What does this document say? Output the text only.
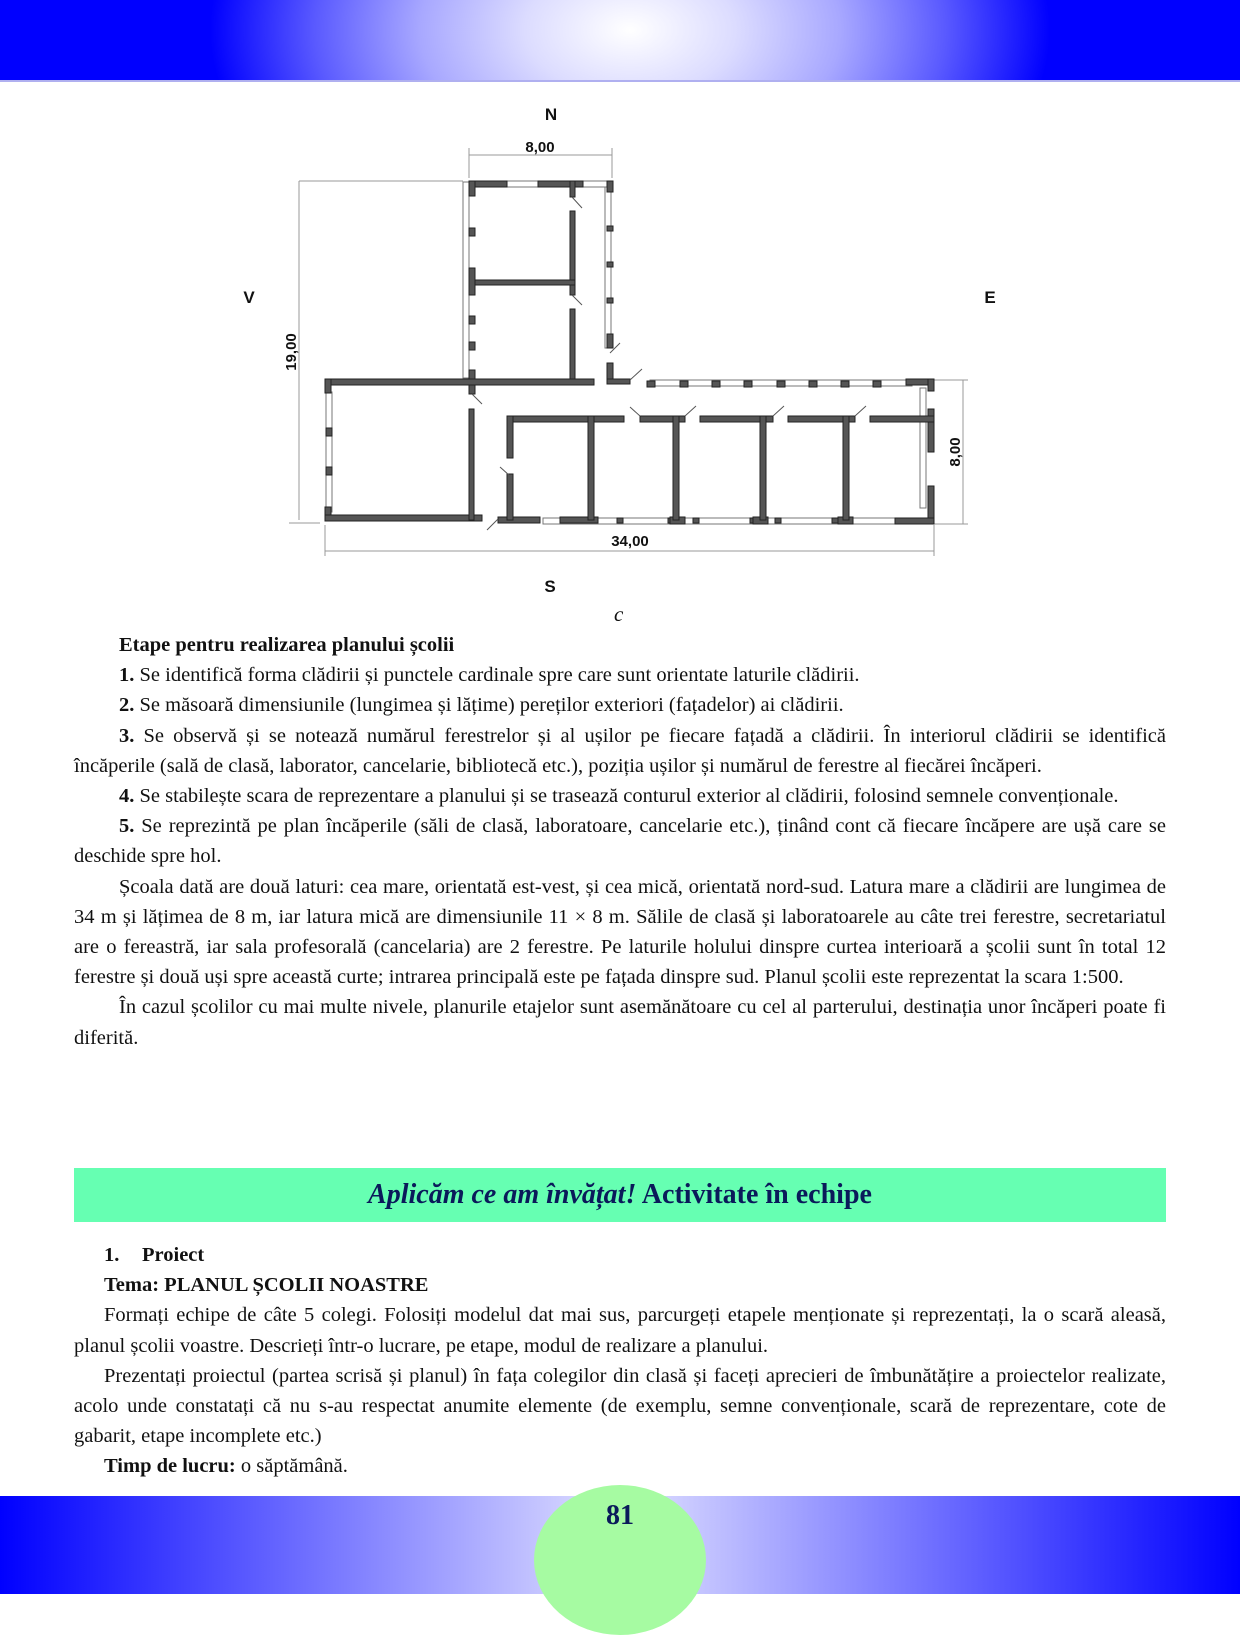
N
V	E
S
8,00
19,00
8,00
34,00
c

Etape pentru realizarea planului școlii

1. Se identifică forma clădirii și punctele cardinale spre care sunt orientate laturile clădirii.

2. Se măsoară dimensiunile (lungimea și lățime) pereților exteriori (fațadelor) ai clădirii.

3. Se observă și se notează numărul ferestrelor și al ușilor pe fiecare fațadă a clădirii. În interiorul clădirii se identifică încăperile (sală de clasă, laborator, cancelarie, bibliotecă etc.), poziția ușilor și numărul de ferestre al fiecărei încăperi.

4. Se stabilește scara de reprezentare a planului și se trasează conturul exterior al clădirii, folosind semnele convenționale.

5. Se reprezintă pe plan încăperile (săli de clasă, laboratoare, cancelarie etc.), ținând cont că fiecare încăpere are ușă care se deschide spre hol.

Școala dată are două laturi: cea mare, orientată est-vest, și cea mică, orientată nord-sud. Latura mare a clădirii are lungimea de 34 m și lățimea de 8 m, iar latura mică are dimensiunile 11 × 8 m. Sălile de clasă și laboratoarele au câte trei ferestre, secretariatul are o fereastră, iar sala profesorală (cancelaria) are 2 ferestre. Pe laturile holului dinspre curtea interioară a școlii sunt în total 12 ferestre și două uși spre această curte; intrarea principală este pe fațada dinspre sud. Planul școlii este reprezentat la scara 1:500.

În cazul școlilor cu mai multe nivele, planurile etajelor sunt asemănătoare cu cel al parterului, destinația unor încăperi poate fi diferită.

Aplicăm ce am învățat! Activitate în echipe
1. Proiect
Tema: PLANUL ȘCOLII NOASTRE

Formați echipe de câte 5 colegi. Folosiți modelul dat mai sus, parcurgeți etapele menționate și reprezentați, la o scară aleasă, planul școlii voastre. Descrieți într-o lucrare, pe etape, modul de realizare a planului.

Prezentați proiectul (partea scrisă și planul) în fața colegilor din clasă și faceți aprecieri de îmbunătățire a proiectelor realizate, acolo unde constatați că nu s-au respectat anumite elemente (de exemplu, semne convenționale, scară de reprezentare, cote de gabarit, etape incomplete etc.)

Timp de lucru: o săptămână.

81
